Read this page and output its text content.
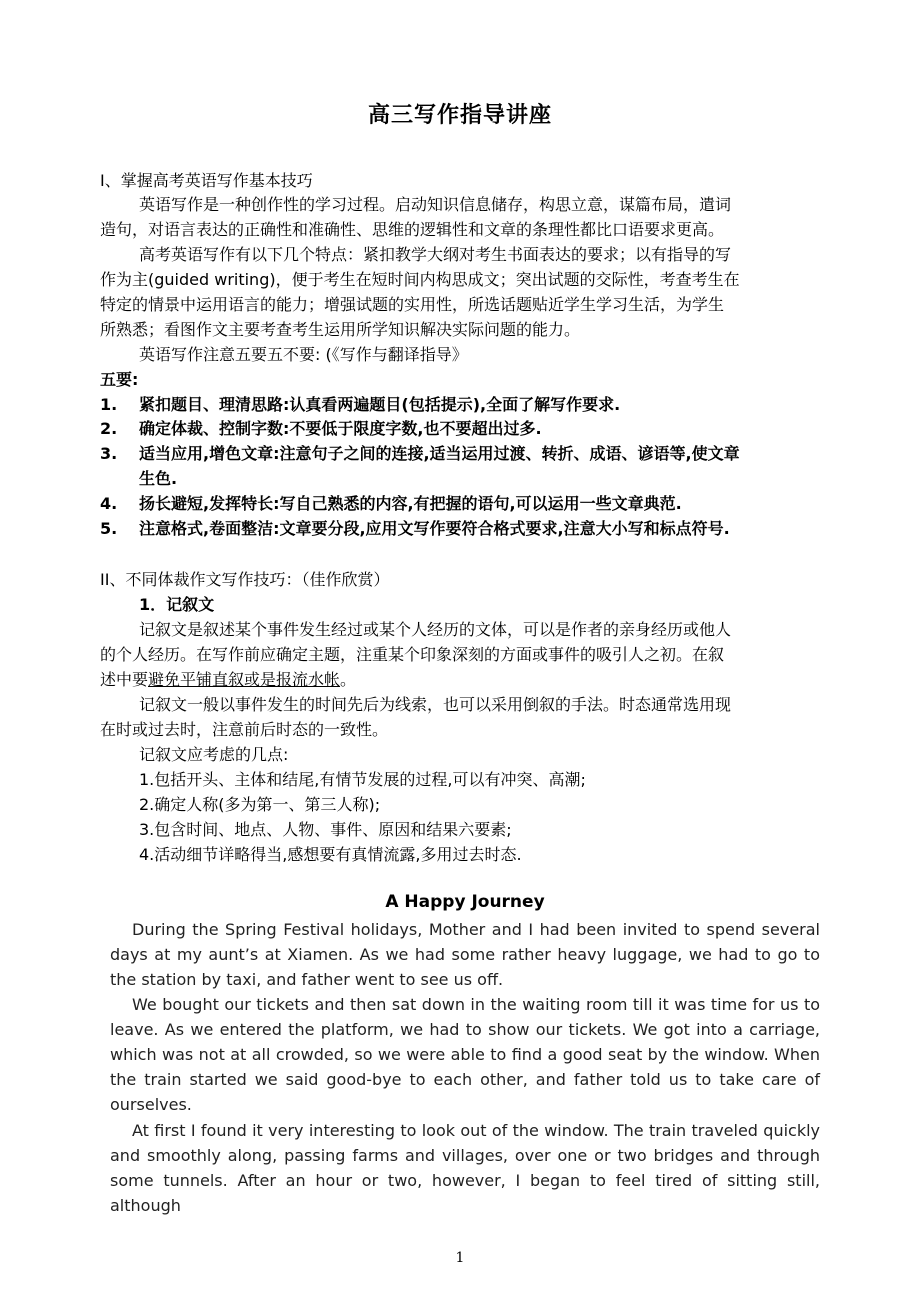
高三写作指导讲座
I、掌握高考英语写作基本技巧
英语写作是一种创作性的学习过程。启动知识信息储存，构思立意，谋篇布局，遣词
造句，对语言表达的正确性和准确性、思维的逻辑性和文章的条理性都比口语要求更高。
高考英语写作有以下几个特点：紧扣教学大纲对考生书面表达的要求；以有指导的写
作为主(guided writing)，便于考生在短时间内构思成文；突出试题的交际性，考查考生在
特定的情景中运用语言的能力；增强试题的实用性，所选话题贴近学生学习生活，为学生
所熟悉；看图作文主要考查考生运用所学知识解决实际问题的能力。
英语写作注意五要五不要: (《写作与翻译指导》
五要:
1. 紧扣题目、理清思路:认真看两遍题目(包括提示),全面了解写作要求.
2. 确定体裁、控制字数:不要低于限度字数,也不要超出过多.
3. 适当应用,增色文章:注意句子之间的连接,适当运用过渡、转折、成语、谚语等,使文章
生色.
4. 扬长避短,发挥特长:写自己熟悉的内容,有把握的语句,可以运用一些文章典范.
5. 注意格式,卷面整洁:文章要分段,应用文写作要符合格式要求,注意大小写和标点符号.
II、不同体裁作文写作技巧：（佳作欣赏）
1．记叙文
记叙文是叙述某个事件发生经过或某个人经历的文体，可以是作者的亲身经历或他人
的个人经历。在写作前应确定主题，注重某个印象深刻的方面或事件的吸引人之初。在叙
述中要避免平铺直叙或是报流水帐。
记叙文一般以事件发生的时间先后为线索，也可以采用倒叙的手法。时态通常选用现
在时或过去时，注意前后时态的一致性。
记叙文应考虑的几点:
1.包括开头、主体和结尾,有情节发展的过程,可以有冲突、高潮;
2.确定人称(多为第一、第三人称);
3.包含时间、地点、人物、事件、原因和结果六要素;
4.活动细节详略得当,感想要有真情流露,多用过去时态.
A Happy Journey
During the Spring Festival holidays, Mother and I had been invited to spend several days at my aunt’s at Xiamen. As we had some rather heavy luggage, we had to go to the station by taxi, and father went to see us off.
We bought our tickets and then sat down in the waiting room till it was time for us to leave. As we entered the platform, we had to show our tickets. We got into a carriage, which was not at all crowded, so we were able to find a good seat by the window. When the train started we said good-bye to each other, and father told us to take care of ourselves.
At first I found it very interesting to look out of the window. The train traveled quickly and smoothly along, passing farms and villages, over one or two bridges and through some tunnels. After an hour or two, however, I began to feel tired of sitting still, although
1
